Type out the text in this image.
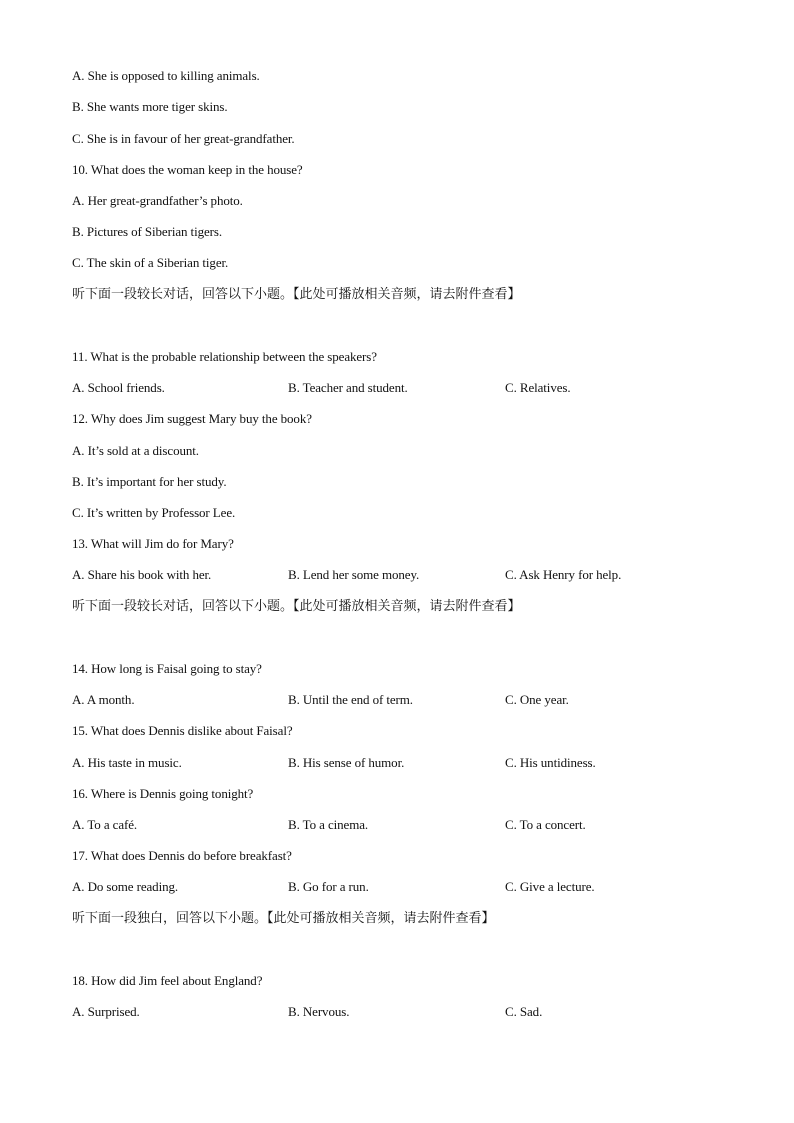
A. She is opposed to killing animals.
B. She wants more tiger skins.
C. She is in favour of her great-grandfather.
10. What does the woman keep in the house?
A. Her great-grandfather’s photo.
B. Pictures of Siberian tigers.
C. The skin of a Siberian tiger.
听下面一段较长对话，回答以下小题。【此处可播放相关音频，请去附件查看】
11. What is the probable relationship between the speakers?
A. School friends.	B. Teacher and student.	C. Relatives.
12. Why does Jim suggest Mary buy the book?
A. It’s sold at a discount.
B. It’s important for her study.
C. It’s written by Professor Lee.
13. What will Jim do for Mary?
A. Share his book with her.	B. Lend her some money.	C. Ask Henry for help.
听下面一段较长对话，回答以下小题。【此处可播放相关音频，请去附件查看】
14. How long is Faisal going to stay?
A. A month.	B. Until the end of term.	C. One year.
15. What does Dennis dislike about Faisal?
A. His taste in music.	B. His sense of humor.	C. His untidiness.
16. Where is Dennis going tonight?
A. To a café.	B. To a cinema.	C. To a concert.
17. What does Dennis do before breakfast?
A. Do some reading.	B. Go for a run.	C. Give a lecture.
听下面一段独白，回答以下小题。【此处可播放相关音频，请去附件查看】
18. How did Jim feel about England?
A. Surprised.	B. Nervous.	C. Sad.
